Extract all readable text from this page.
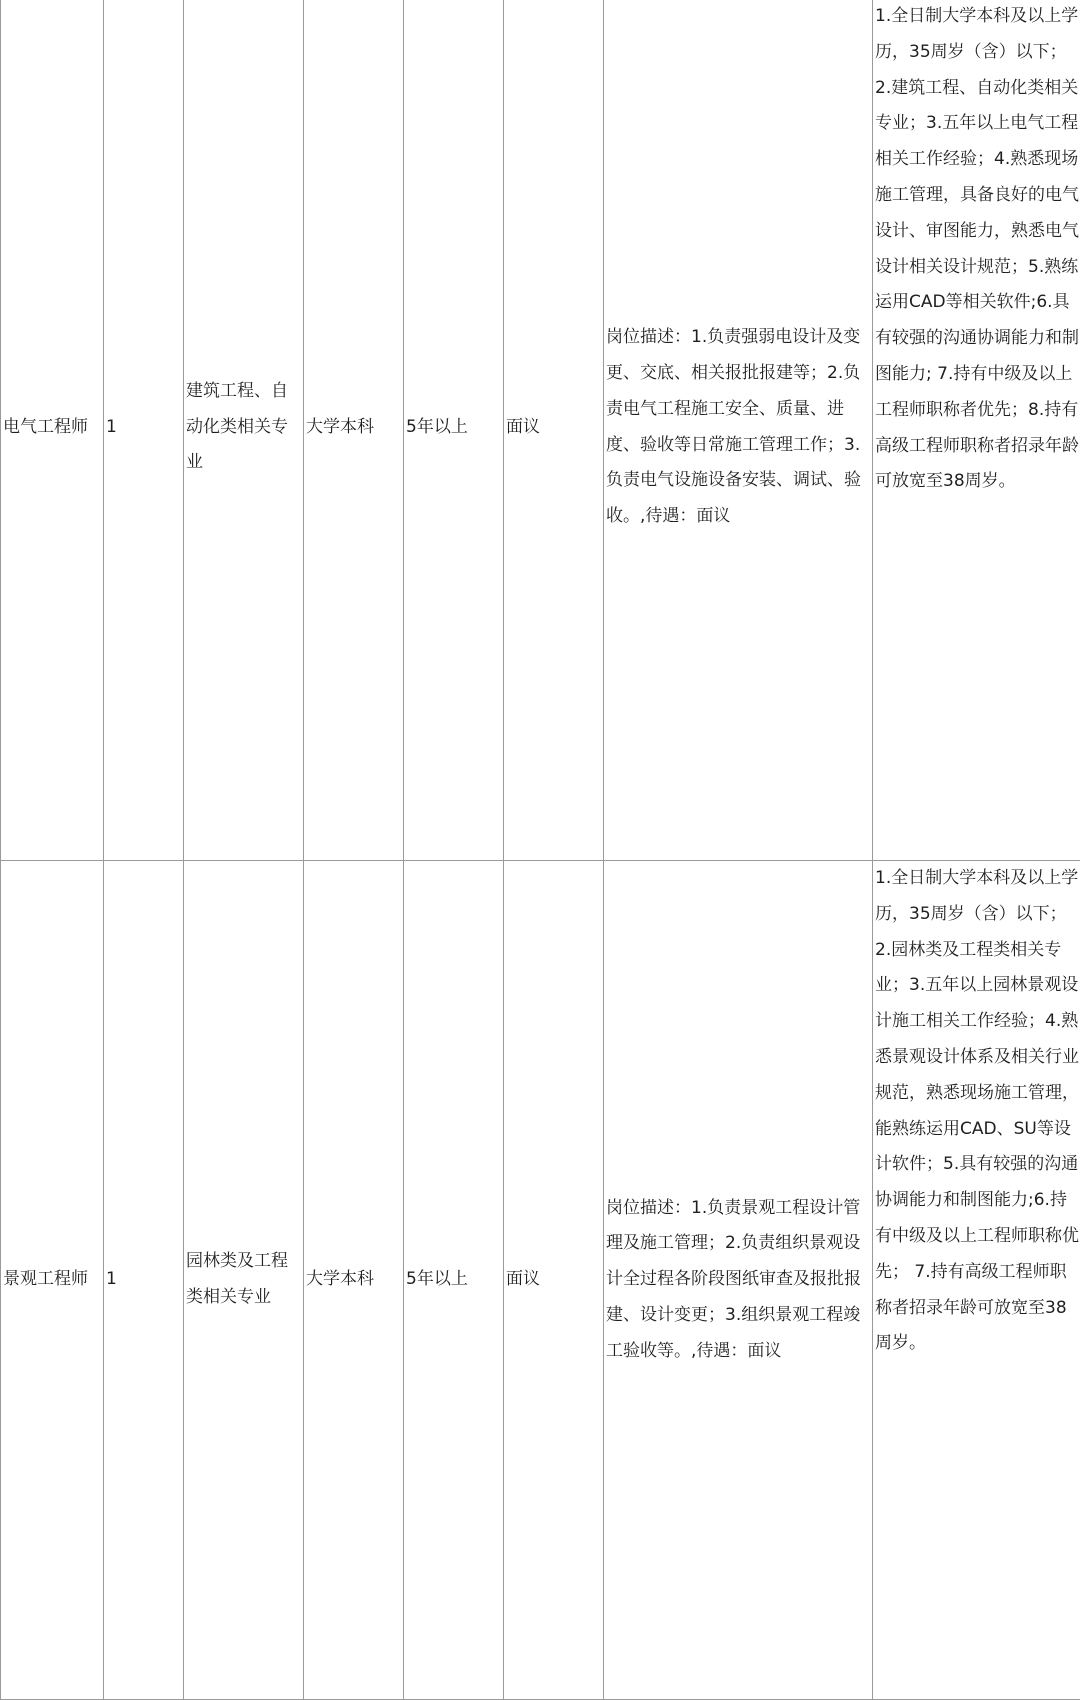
电气工程师	1	建筑工程、自动化类相关专业	大学本科	5年以上	面议	岗位描述：1.负责强弱电设计及变更、交底、相关报批报建等；2.负责电气工程施工安全、质量、进度、验收等日常施工管理工作；3.负责电气设施设备安装、调试、验收。,待遇：面议	1.全日制大学本科及以上学历，35周岁（含）以下； 2.建筑工程、自动化类相关专业；3.五年以上电气工程相关工作经验；4.熟悉现场施工管理，具备良好的电气设计、审图能力，熟悉电气设计相关设计规范；5.熟练运用CAD等相关软件;6.具有较强的沟通协调能力和制图能力; 7.持有中级及以上工程师职称者优先；8.持有高级工程师职称者招录年龄可放宽至38周岁。
景观工程师	1	园林类及工程类相关专业	大学本科	5年以上	面议	岗位描述：1.负责景观工程设计管理及施工管理；2.负责组织景观设计全过程各阶段图纸审查及报批报建、设计变更；3.组织景观工程竣工验收等。,待遇：面议	1.全日制大学本科及以上学历，35周岁（含）以下； 2.园林类及工程类相关专业；3.五年以上园林景观设计施工相关工作经验；4.熟悉景观设计体系及相关行业规范，熟悉现场施工管理，能熟练运用CAD、SU等设计软件；5.具有较强的沟通协调能力和制图能力;6.持有中级及以上工程师职称优先； 7.持有高级工程师职称者招录年龄可放宽至38周岁。
